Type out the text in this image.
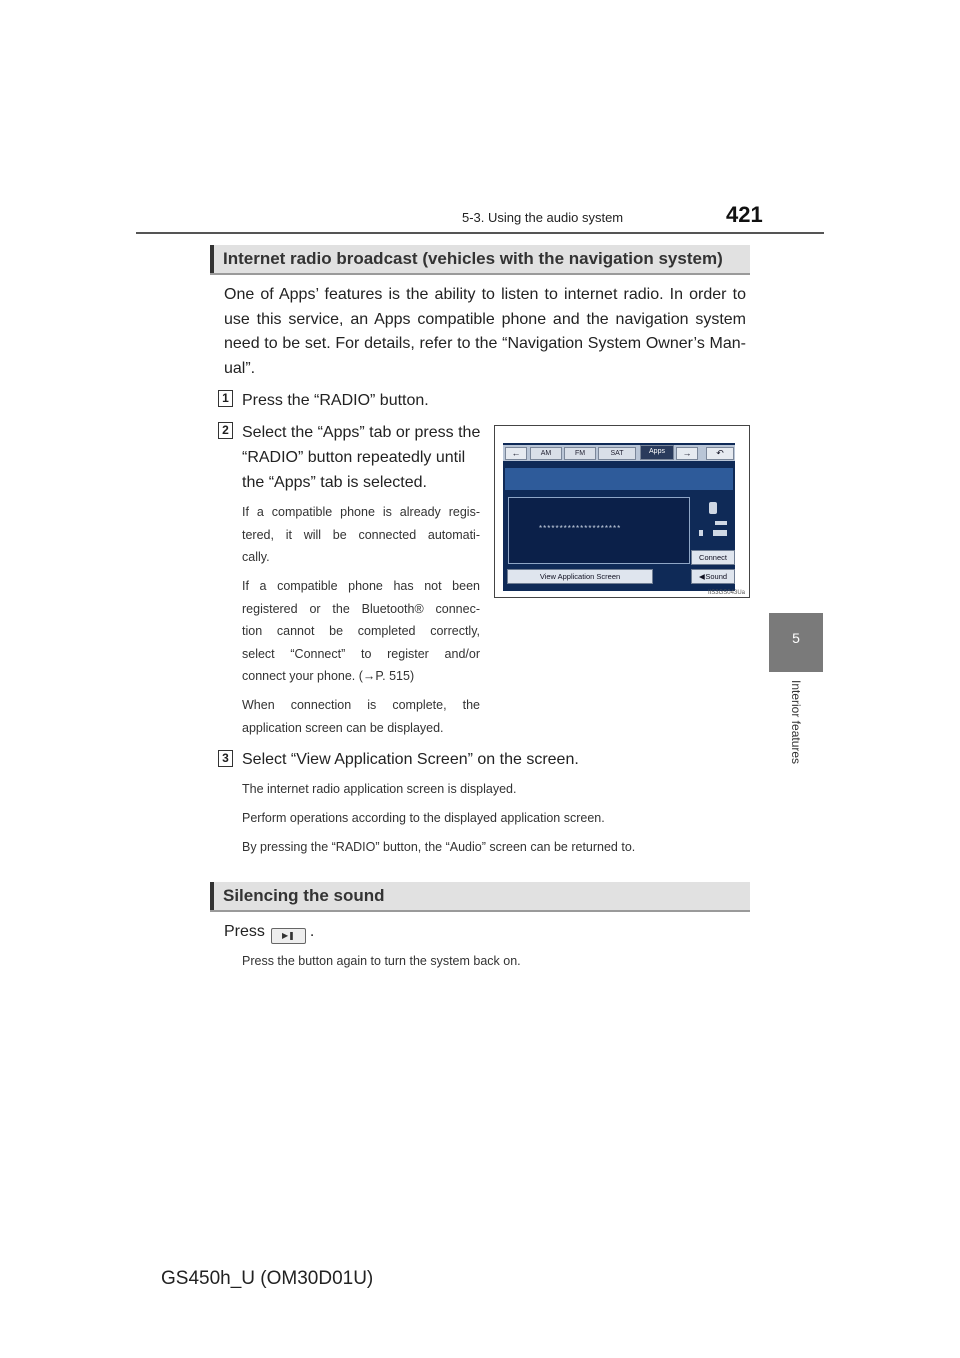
5-3. Using the audio system	421
5
Interior features
Internet radio broadcast (vehicles with the navigation system)
One of Apps’ features is the ability to listen to internet radio. In order to
use this service, an Apps compatible phone and the navigation system
need to be set. For details, refer to the “Navigation System Owner’s Man-
ual”.
1 Press the “RADIO” button.
2 Select the “Apps” tab or press the
“RADIO” button repeatedly until
the “Apps” tab is selected.
If a compatible phone is already regis-
tered, it will be connected automati-
cally.
If a compatible phone has not been
registered or the Bluetooth® connec-
tion cannot be completed correctly,
select “Connect” to register and/or
connect your phone. (→P. 515)
When connection is complete, the
application screen can be displayed.
←	AM	FM	SAT	Apps	→	↶
********************
Connect
View Application Screen	◀ Sound
IIS3GS043Ua
3 Select “View Application Screen” on the screen.
The internet radio application screen is displayed.
Perform operations according to the displayed application screen.
By pressing the “RADIO” button, the “Audio” screen can be returned to.
Silencing the sound
Press ▶❚ .
Press the button again to turn the system back on.
GS450h_U (OM30D01U)
